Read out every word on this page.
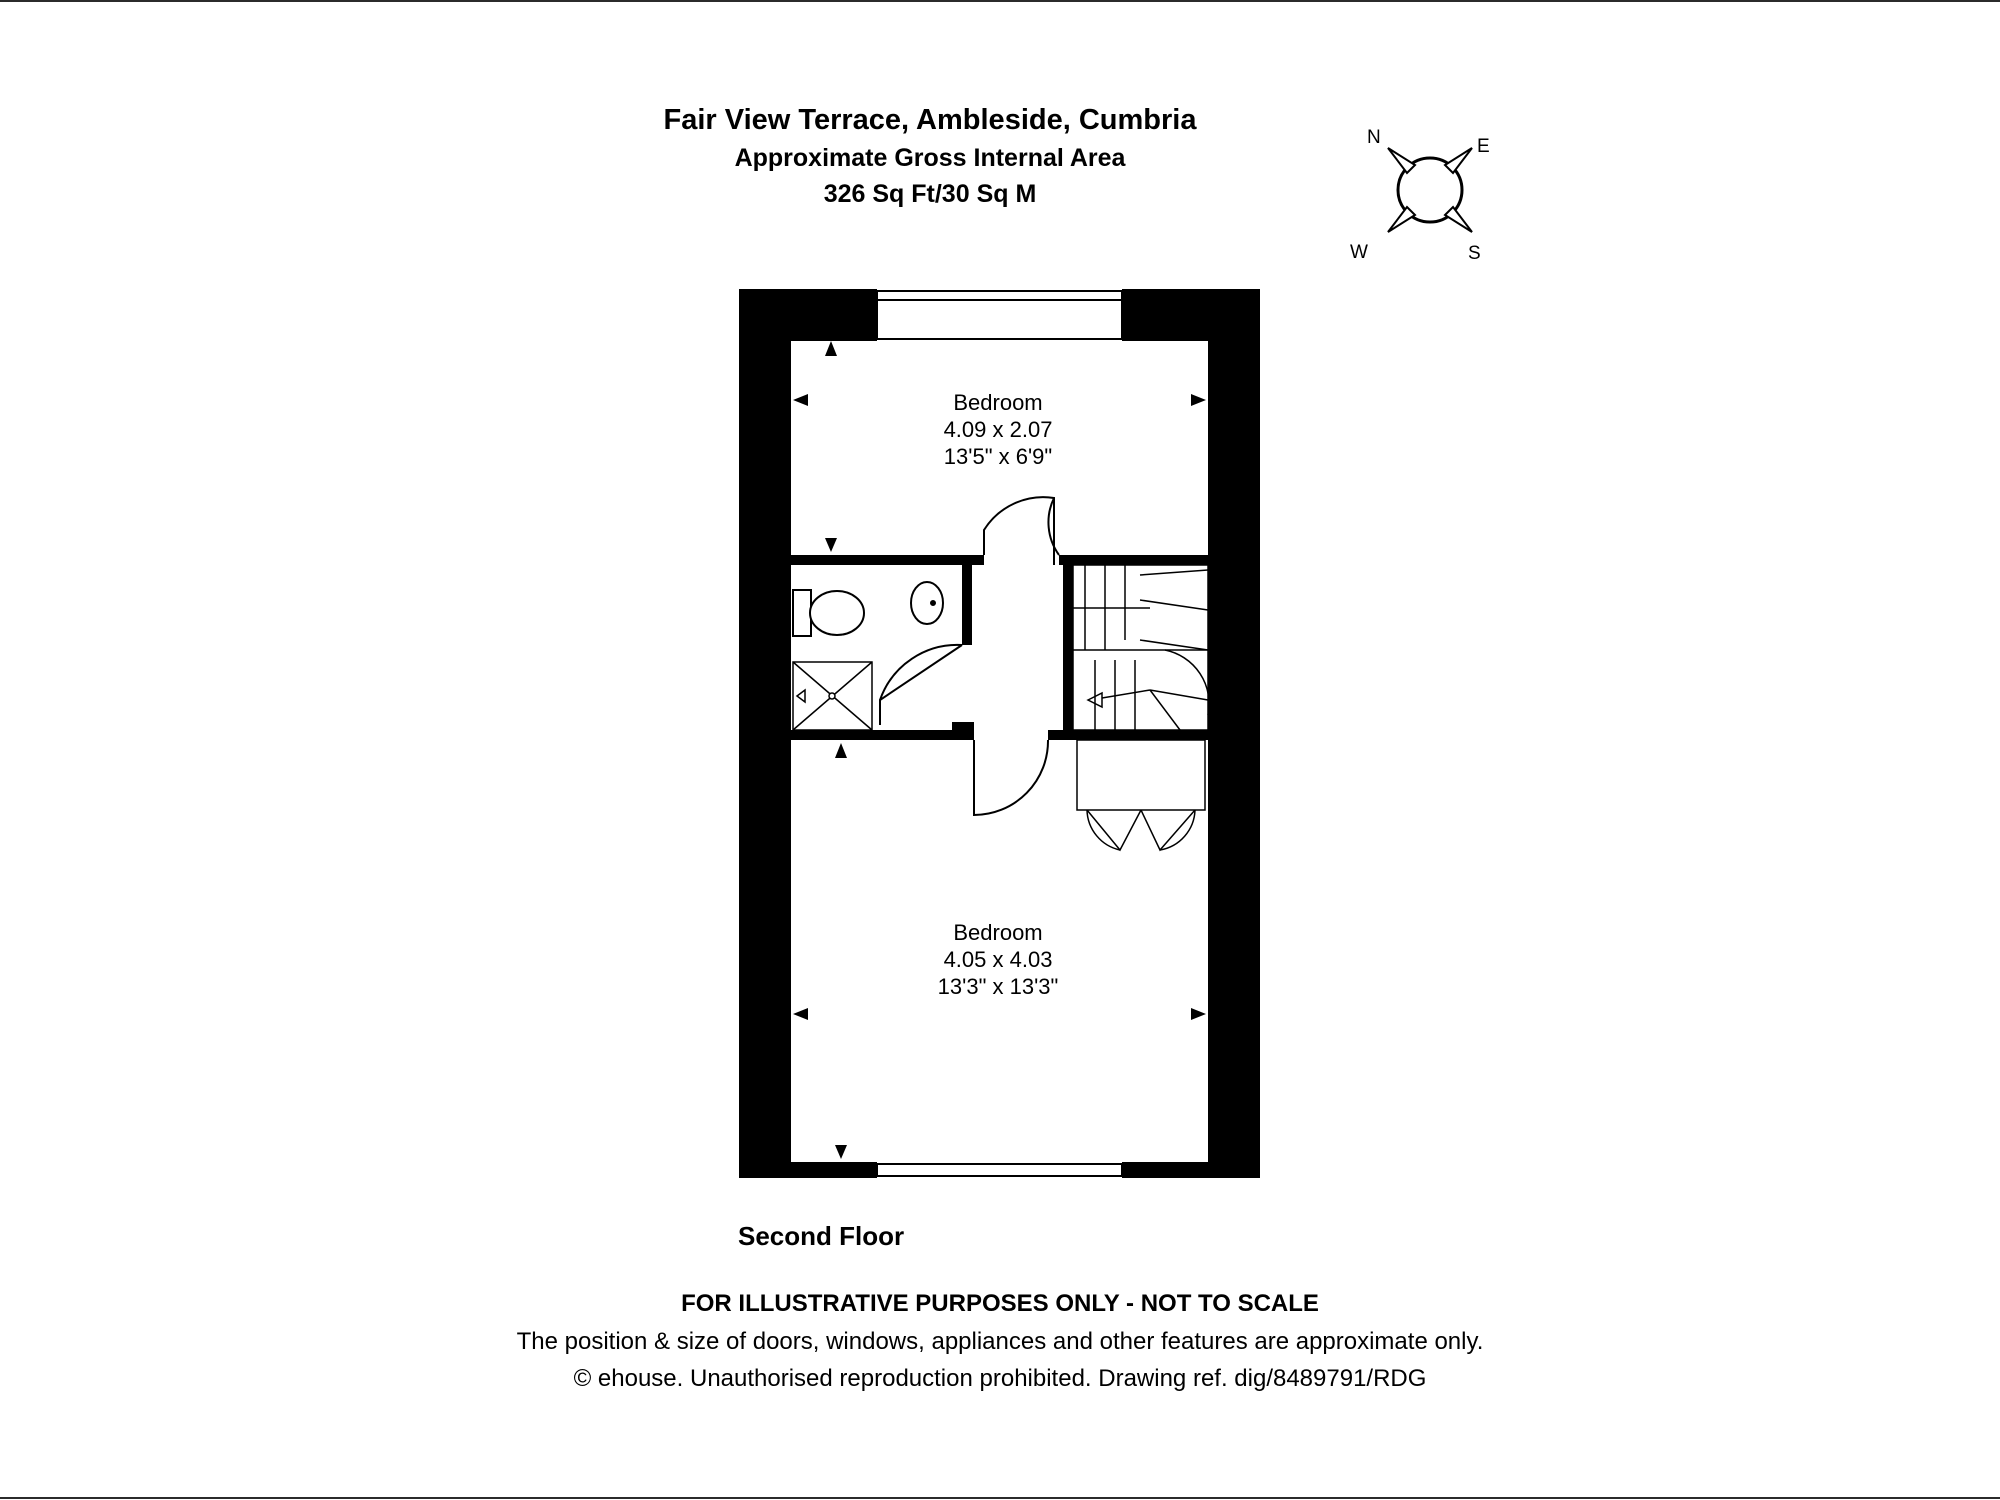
Fair View Terrace, Ambleside, Cumbria
Approximate Gross Internal Area
326 Sq Ft/30 Sq M
N	E
S
W
Bedroom
4.09 x 2.07
13'5" x 6'9"
Bedroom
4.05 x 4.03
13'3" x 13'3"
Second Floor
FOR ILLUSTRATIVE PURPOSES ONLY - NOT TO SCALE
The position & size of doors, windows, appliances and other features are approximate only.
© ehouse. Unauthorised reproduction prohibited. Drawing ref. dig/8489791/RDG
